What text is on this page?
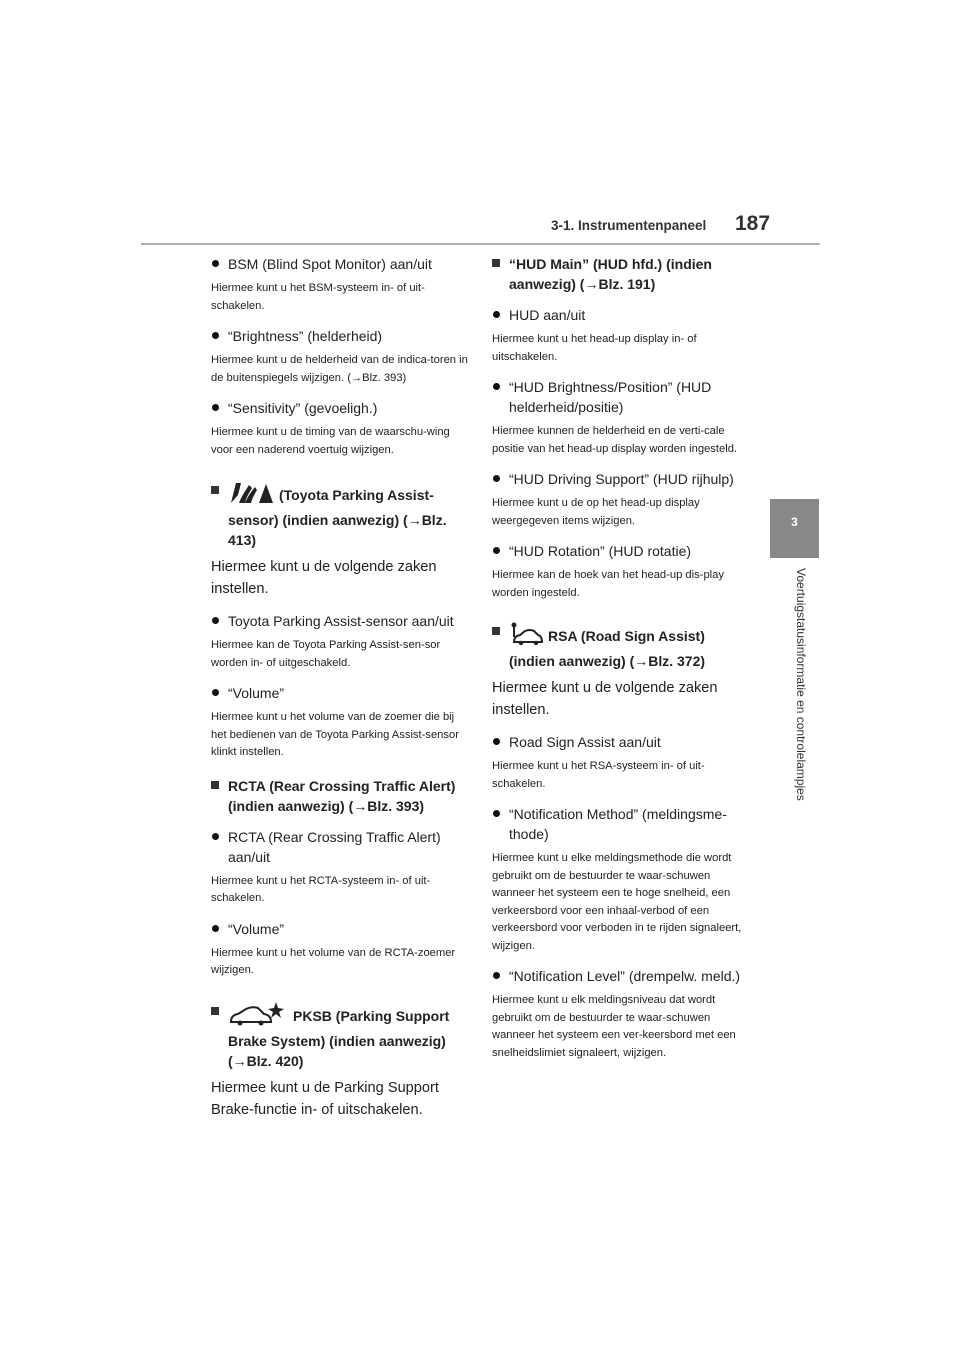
3-1. Instrumentenpaneel 187
3
Voertuigstatusinformatie en controlelampjes
BSM (Blind Spot Monitor) aan/uit
Hiermee kunt u het BSM-systeem in- of uit-schakelen.
“Brightness” (helderheid)
Hiermee kunt u de helderheid van de indica-toren in de buitenspiegels wijzigen. (→Blz. 393)
“Sensitivity” (gevoeligh.)
Hiermee kunt u de timing van de waarschu-wing voor een naderend voertuig wijzigen.
(Toyota Parking Assist-sensor) (indien aanwezig) (→Blz. 413)
Hiermee kunt u de volgende zaken instellen.
Toyota Parking Assist-sensor aan/uit
Hiermee kan de Toyota Parking Assist-sen-sor worden in- of uitgeschakeld.
“Volume”
Hiermee kunt u het volume van de zoemer die bij het bedienen van de Toyota Parking Assist-sensor klinkt instellen.
RCTA (Rear Crossing Traffic Alert) (indien aanwezig) (→Blz. 393)
RCTA (Rear Crossing Traffic Alert) aan/uit
Hiermee kunt u het RCTA-systeem in- of uit-schakelen.
“Volume”
Hiermee kunt u het volume van de RCTA-zoemer wijzigen.
PKSB (Parking Support Brake System) (indien aanwezig) (→Blz. 420)
Hiermee kunt u de Parking Support Brake-functie in- of uitschakelen.
“HUD Main” (HUD hfd.) (indien aanwezig) (→Blz. 191)
HUD aan/uit
Hiermee kunt u het head-up display in- of uitschakelen.
“HUD Brightness/Position” (HUD helderheid/positie)
Hiermee kunnen de helderheid en de verti-cale positie van het head-up display worden ingesteld.
“HUD Driving Support” (HUD rijhulp)
Hiermee kunt u de op het head-up display weergegeven items wijzigen.
“HUD Rotation” (HUD rotatie)
Hiermee kan de hoek van het head-up dis-play worden ingesteld.
RSA (Road Sign Assist) (indien aanwezig) (→Blz. 372)
Hiermee kunt u de volgende zaken instellen.
Road Sign Assist aan/uit
Hiermee kunt u het RSA-systeem in- of uit-schakelen.
“Notification Method” (meldingsme-thode)
Hiermee kunt u elke meldingsmethode die wordt gebruikt om de bestuurder te waar-schuwen wanneer het systeem een te hoge snelheid, een verkeersbord voor een inhaal-verbod of een verkeersbord voor verboden in te rijden signaleert, wijzigen.
“Notification Level” (drempelw. meld.)
Hiermee kunt u elk meldingsniveau dat wordt gebruikt om de bestuurder te waar-schuwen wanneer het systeem een ver-keersbord met een snelheidslimiet signaleert, wijzigen.
